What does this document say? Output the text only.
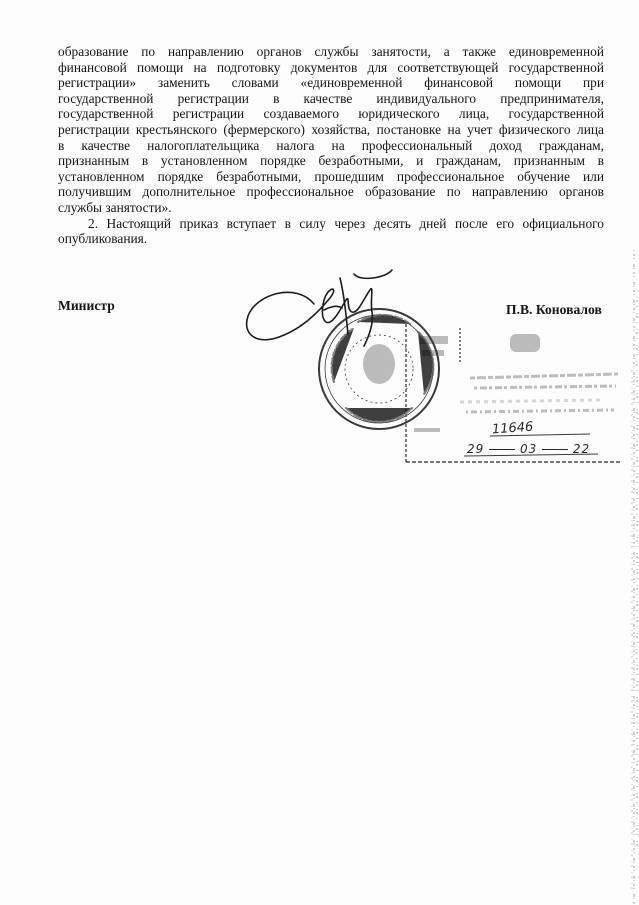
образование по направлению органов службы занятости, а также единовременной
финансовой помощи на подготовку документов для соответствующей государственной
регистрации» заменить словами «единовременной финансовой помощи при
государственной регистрации в качестве индивидуального предпринимателя,
государственной регистрации создаваемого юридического лица, государственной
регистрации крестьянского (фермерского) хозяйства, постановке на учет физического лица
в качестве налогоплательщика налога на профессиональный доход гражданам,
признанным в установленном порядке безработными, и гражданам, признанным в
установленном порядке безработными, прошедшим профессиональное обучение или
получившим дополнительное профессиональное образование по направлению органов
службы занятости».
2. Настоящий приказ вступает в силу через десять дней после его официального
опубликования.
Министр	П.В. Коновалов
11646
29	03	22
